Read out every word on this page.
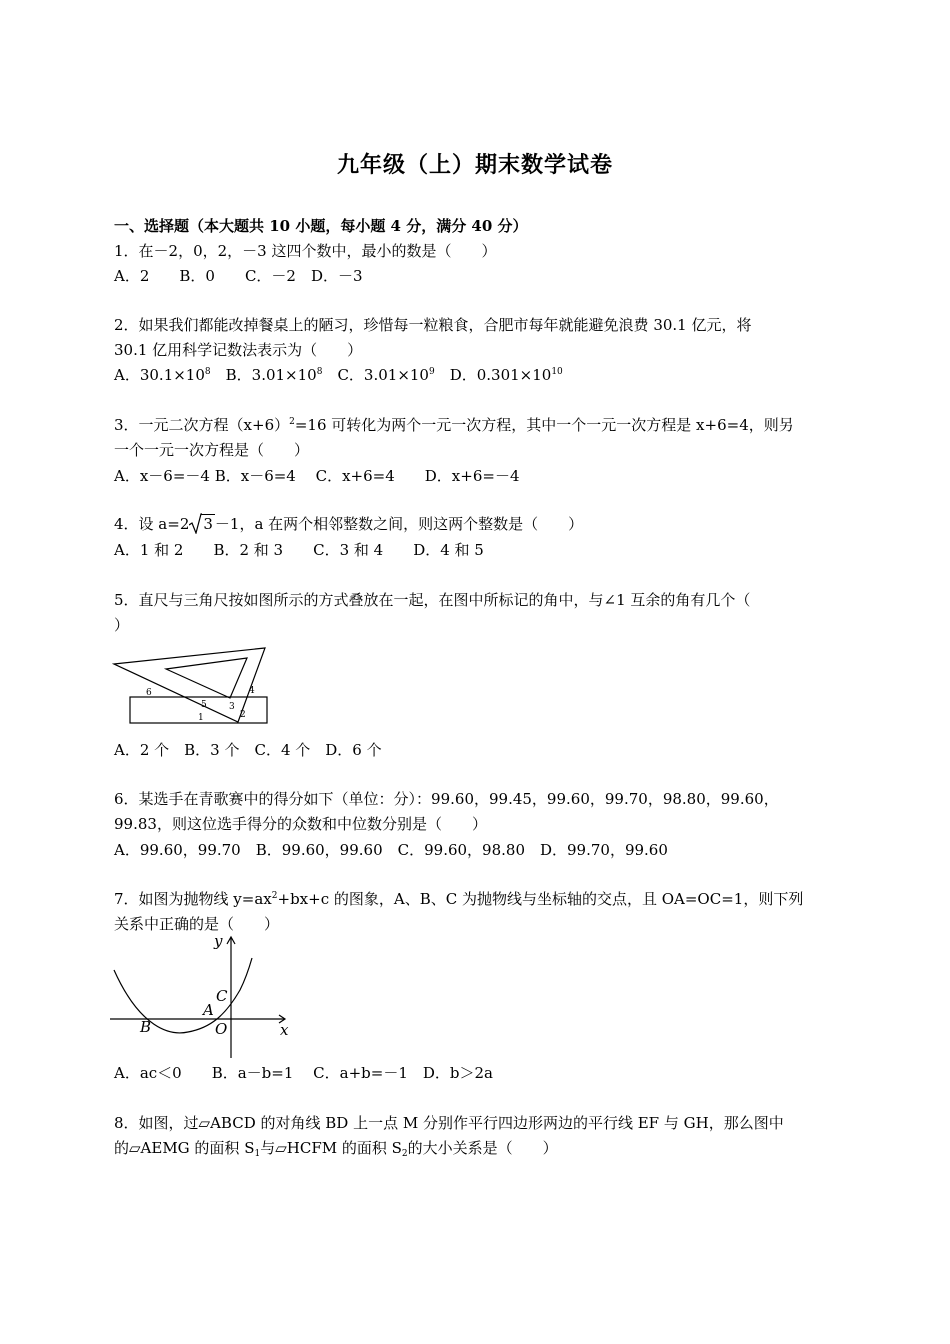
九年级（上）期末数学试卷
一、选择题（本大题共 10 小题，每小题 4 分，满分 40 分）
1．在－2，0，2，－3 这四个数中，最小的数是（　　）
A．2　　B．0　　C．－2　D．－3
2．如果我们都能改掉餐桌上的陋习，珍惜每一粒粮食，合肥市每年就能避免浪费 30.1 亿元，将
30.1 亿用科学记数法表示为（　　）
A．$30.1\times 10^8$　B．$3.01\times 10^8$　C．$3.01\times 10^9$　D．$0.301\times 10^{10}$
3．一元二次方程$(x+6)^2=16$ 可转化为两个一元一次方程，其中一个一元一次方程是 x+6=4，则另
一个一元一次方程是（　　）
A．x－6=－4 B．x－6=4　 C．x+6=4　　D．x+6=－4
4．设 a=2 3 －1，a 在两个相邻整数之间，则这两个整数是（　　）
A．1 和 2　　B．2 和 3　　C．3 和 4　　D．4 和 5
5．直尺与三角尺按如图所示的方式叠放在一起，在图中所标记的角中，与∠1 互余的角有几个（
）
6
5
4
3
2
1
A．2 个　B．3 个　C．4 个　D．6 个
6．某选手在青歌赛中的得分如下（单位：分）：99.60，99.45，99.60，99.70，98.80，99.60，
99.83，则这位选手得分的众数和中位数分别是（　　）
A．99.60，99.70　B．99.60，99.60　C．99.60，98.80　D．99.70，99.60
7．如图为抛物线 $y=ax^2+bx+c$ 的图象，A、B、C 为抛物线与坐标轴的交点，且 OA=OC=1，则下列
关系中正确的是（　　）
y
x
C
A
B	O
A．ac＜0　　B．a－b=1　 C．a+b=－1　D．b＞2a
8．如图，过▱ABCD 的对角线 BD 上一点 M 分别作平行四边形两边的平行线 EF 与 GH，那么图中
的▱AEMG 的面积 $S_1$与▱HCFM 的面积 $S_2$的大小关系是（　　）
